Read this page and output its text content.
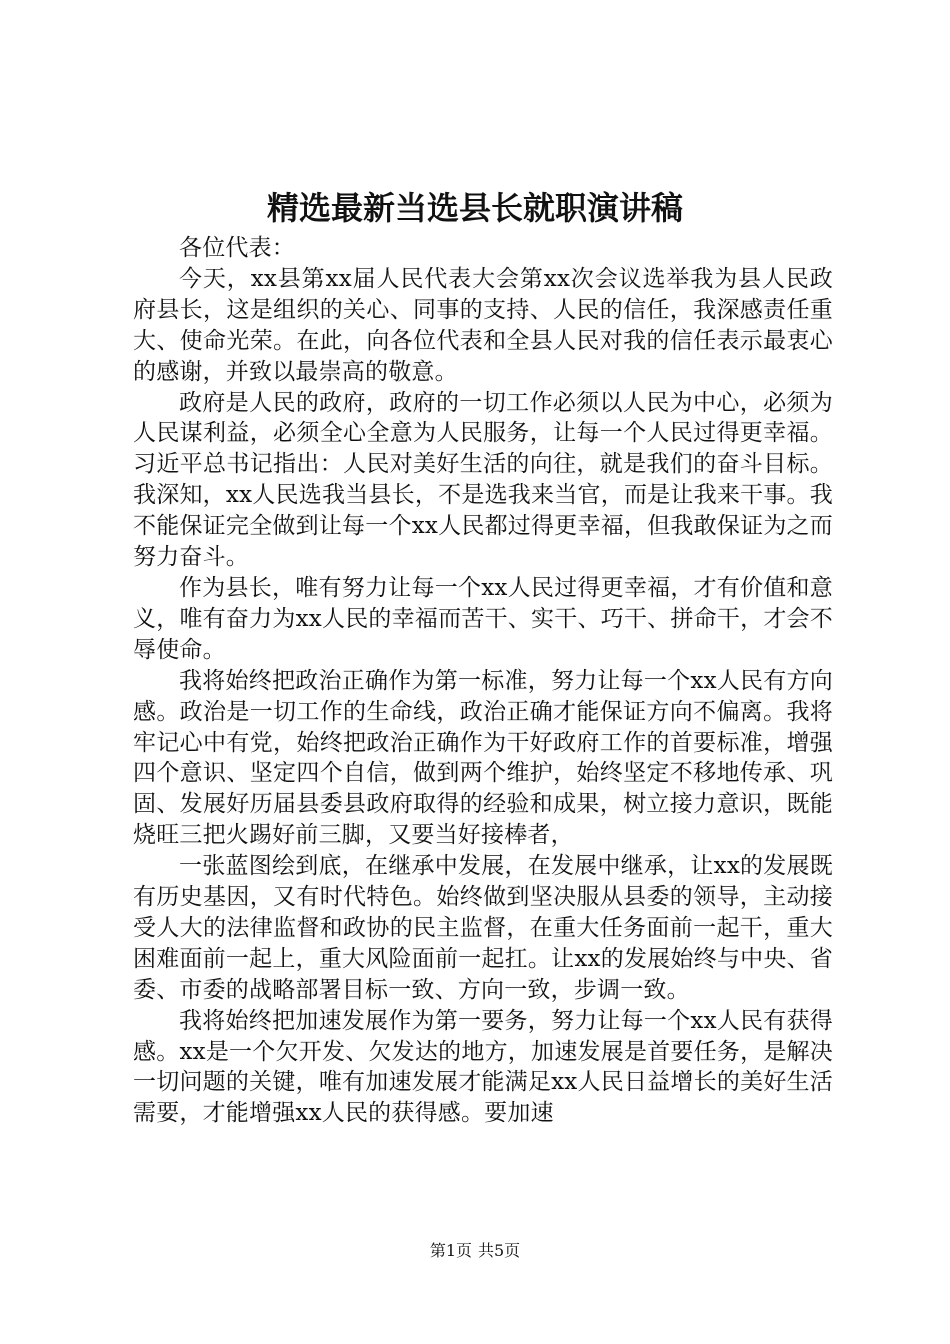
精选最新当选县长就职演讲稿

各位代表：

今天，xx县第xx届人民代表大会第xx次会议选举我为县人民政府县长，这是组织的关心、同事的支持、人民的信任，我深感责任重大、使命光荣。在此，向各位代表和全县人民对我的信任表示最衷心的感谢，并致以最崇高的敬意。

政府是人民的政府，政府的一切工作必须以人民为中心，必须为人民谋利益，必须全心全意为人民服务，让每一个人民过得更幸福。习近平总书记指出：人民对美好生活的向往，就是我们的奋斗目标。我深知，xx人民选我当县长，不是选我来当官，而是让我来干事。我不能保证完全做到让每一个xx人民都过得更幸福，但我敢保证为之而努力奋斗。

作为县长，唯有努力让每一个xx人民过得更幸福，才有价值和意义，唯有奋力为xx人民的幸福而苦干、实干、巧干、拼命干，才会不辱使命。

我将始终把政治正确作为第一标准，努力让每一个xx人民有方向感。政治是一切工作的生命线，政治正确才能保证方向不偏离。我将牢记心中有党，始终把政治正确作为干好政府工作的首要标准，增强四个意识、坚定四个自信，做到两个维护，始终坚定不移地传承、巩固、发展好历届县委县政府取得的经验和成果，树立接力意识，既能烧旺三把火踢好前三脚，又要当好接棒者，

一张蓝图绘到底，在继承中发展，在发展中继承，让xx的发展既有历史基因，又有时代特色。始终做到坚决服从县委的领导，主动接受人大的法律监督和政协的民主监督，在重大任务面前一起干，重大困难面前一起上，重大风险面前一起扛。让xx的发展始终与中央、省委、市委的战略部署目标一致、方向一致，步调一致。

我将始终把加速发展作为第一要务，努力让每一个xx人民有获得感。xx是一个欠开发、欠发达的地方，加速发展是首要任务，是解决一切问题的关键，唯有加速发展才能满足xx人民日益增长的美好生活需要，才能增强xx人民的获得感。要加速

第1页 共5页
